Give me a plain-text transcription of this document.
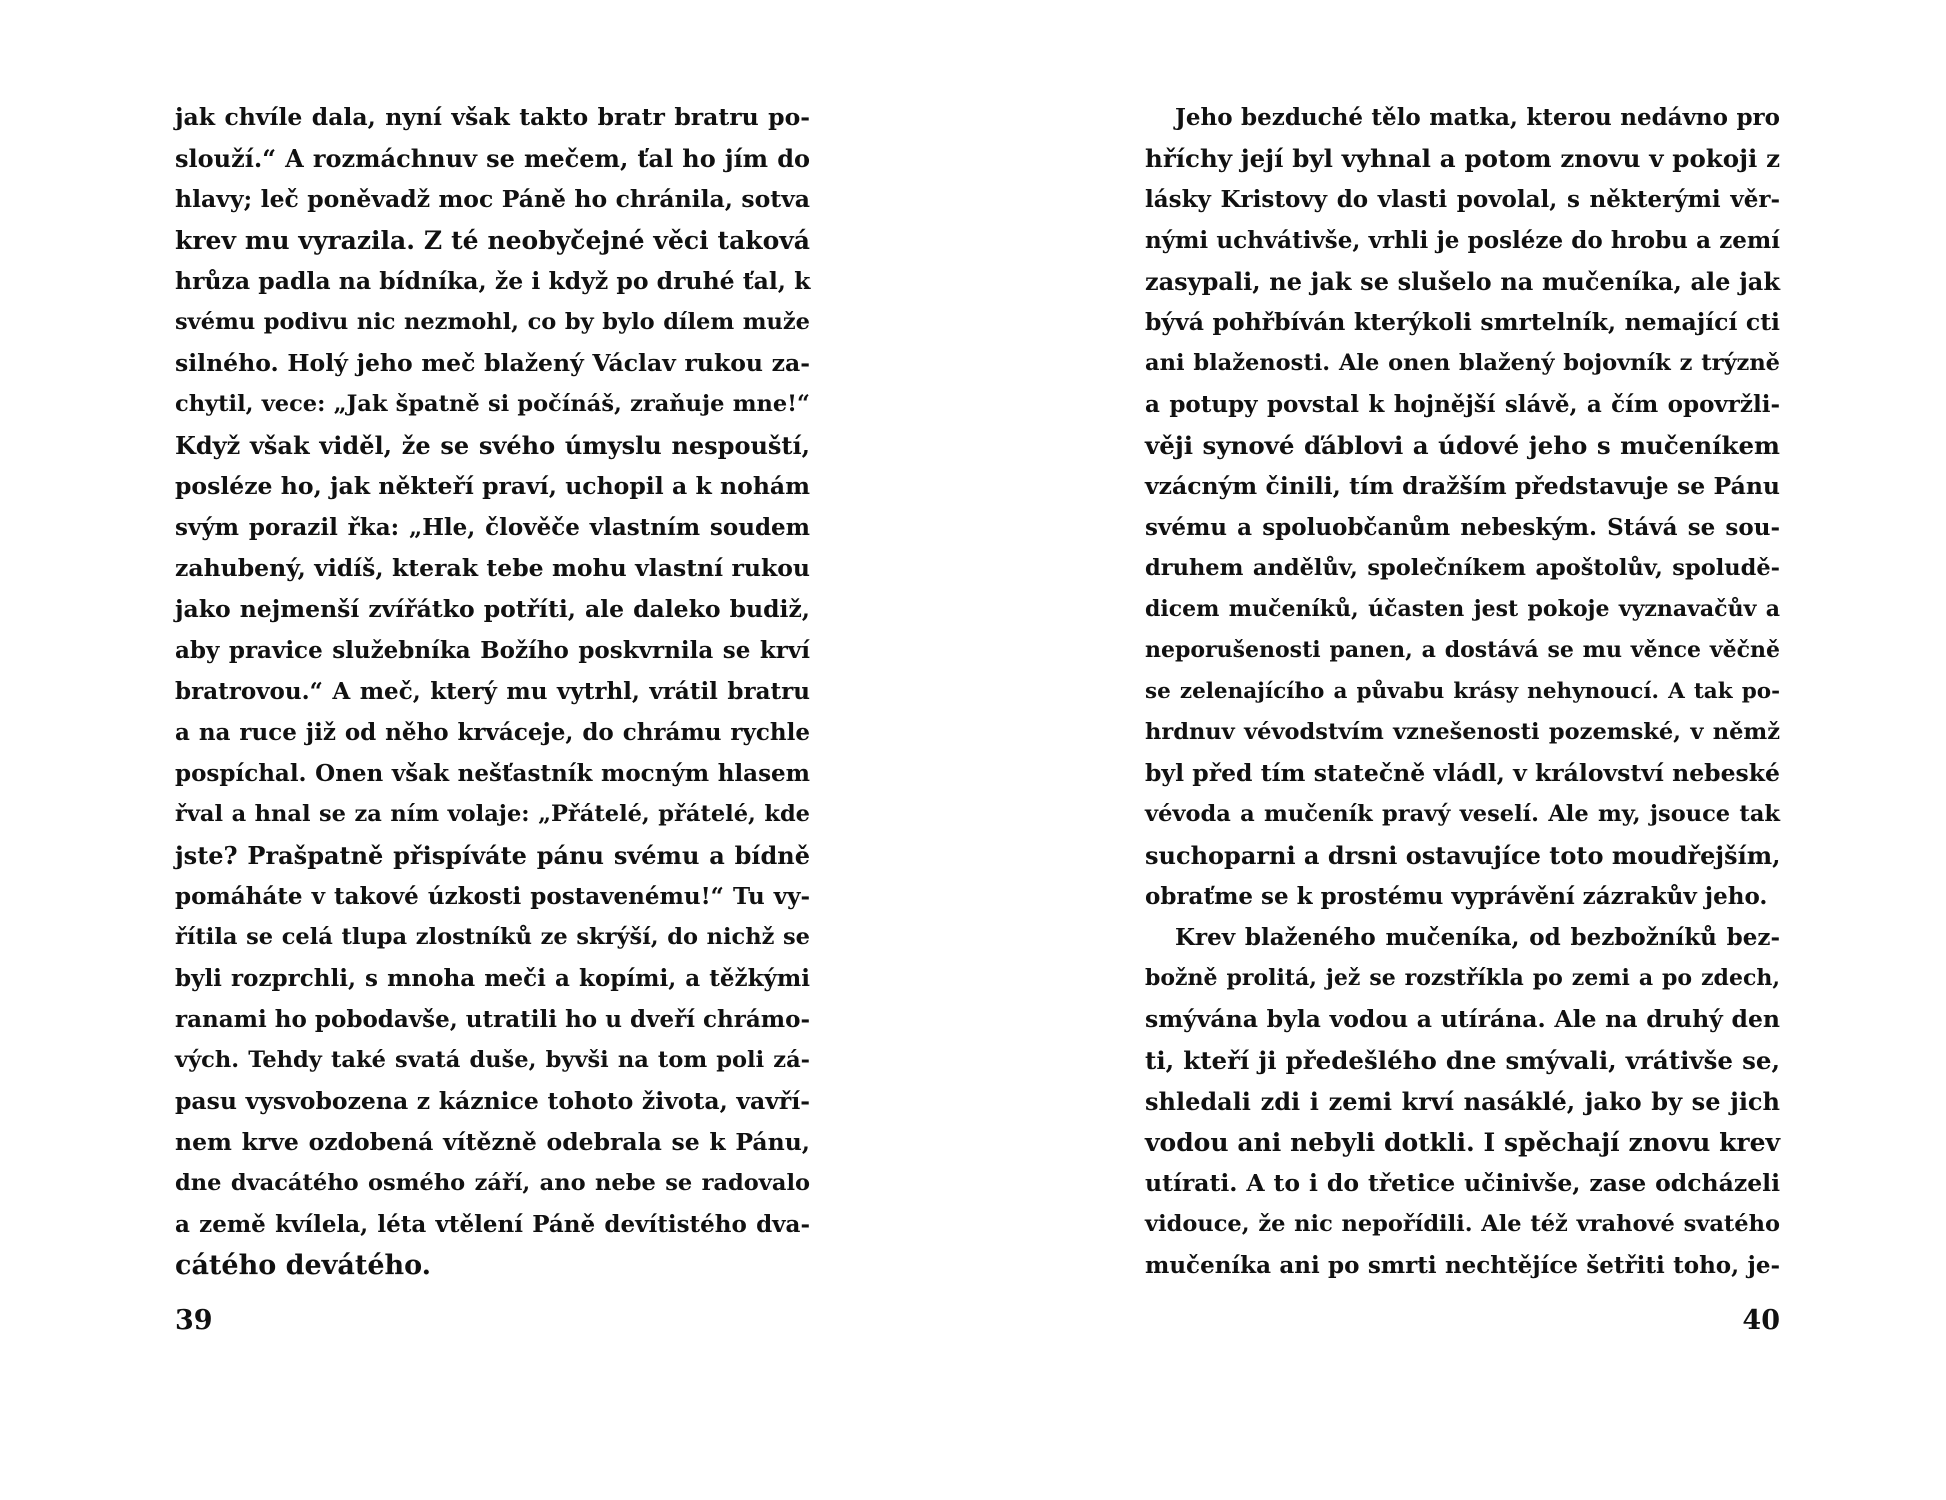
jak chvíle dala, nyní však takto bratr bratru po-
slouží.“ A rozmáchnuv se mečem, ťal ho jím do
hlavy; leč poněvadž moc Páně ho chránila, sotva
krev mu vyrazila. Z té neobyčejné věci taková
hrůza padla na bídníka, že i když po druhé ťal, k
svému podivu nic nezmohl, co by bylo dílem muže
silného. Holý jeho meč blažený Václav rukou za-
chytil, vece: „Jak špatně si počínáš, zraňuje mne!“
Když však viděl, že se svého úmyslu nespouští,
posléze ho, jak někteří praví, uchopil a k nohám
svým porazil řka: „Hle, člověče vlastním soudem
zahubený, vidíš, kterak tebe mohu vlastní rukou
jako nejmenší zvířátko potříti, ale daleko budiž,
aby pravice služebníka Božího poskvrnila se krví
bratrovou.“ A meč, který mu vytrhl, vrátil bratru
a na ruce již od něho krváceje, do chrámu rychle
pospíchal. Onen však nešťastník mocným hlasem
řval a hnal se za ním volaje: „Přátelé, přátelé, kde
jste? Prašpatně přispíváte pánu svému a bídně
pomáháte v takové úzkosti postavenému!“ Tu vy-
řítila se celá tlupa zlostníků ze skrýší, do nichž se
byli rozprchli, s mnoha meči a kopími, a těžkými
ranami ho pobodavše, utratili ho u dveří chrámo-
vých. Tehdy také svatá duše, byvši na tom poli zá-
pasu vysvobozena z káznice tohoto života, vavří-
nem krve ozdobená vítězně odebrala se k Pánu,
dne dvacátého osmého září, ano nebe se radovalo
a země kvílela, léta vtělení Páně devítistého dva-
cátého devátého.
39
Jeho bezduché tělo matka, kterou nedávno pro
hříchy její byl vyhnal a potom znovu v pokoji z
lásky Kristovy do vlasti povolal, s některými věr-
nými uchvátivše, vrhli je posléze do hrobu a zemí
zasypali, ne jak se slušelo na mučeníka, ale jak
bývá pohřbíván kterýkoli smrtelník, nemající cti
ani blaženosti. Ale onen blažený bojovník z trýzně
a potupy povstal k hojnější slávě, a čím opovržli-
věji synové ďáblovi a údové jeho s mučeníkem
vzácným činili, tím dražším představuje se Pánu
svému a spoluobčanům nebeským. Stává se sou-
druhem andělův, společníkem apoštolův, spoludě-
dicem mučeníků, účasten jest pokoje vyznavačův a
neporušenosti panen, a dostává se mu věnce věčně
se zelenajícího a půvabu krásy nehynoucí. A tak po-
hrdnuv vévodstvím vznešenosti pozemské, v němž
byl před tím statečně vládl, v království nebeské
vévoda a mučeník pravý veselí. Ale my, jsouce tak
suchoparni a drsni ostavujíce toto moudřejším,
obraťme se k prostému vyprávění zázrakův jeho.
Krev blaženého mučeníka, od bezbožníků bez-
božně prolitá, jež se rozstříkla po zemi a po zdech,
smývána byla vodou a utírána. Ale na druhý den
ti, kteří ji předešlého dne smývali, vrátivše se,
shledali zdi i zemi krví nasáklé, jako by se jich
vodou ani nebyli dotkli. I spěchají znovu krev
utírati. A to i do třetice učinivše, zase odcházeli
vidouce, že nic nepořídili. Ale též vrahové svatého
mučeníka ani po smrti nechtějíce šetřiti toho, je-
40
